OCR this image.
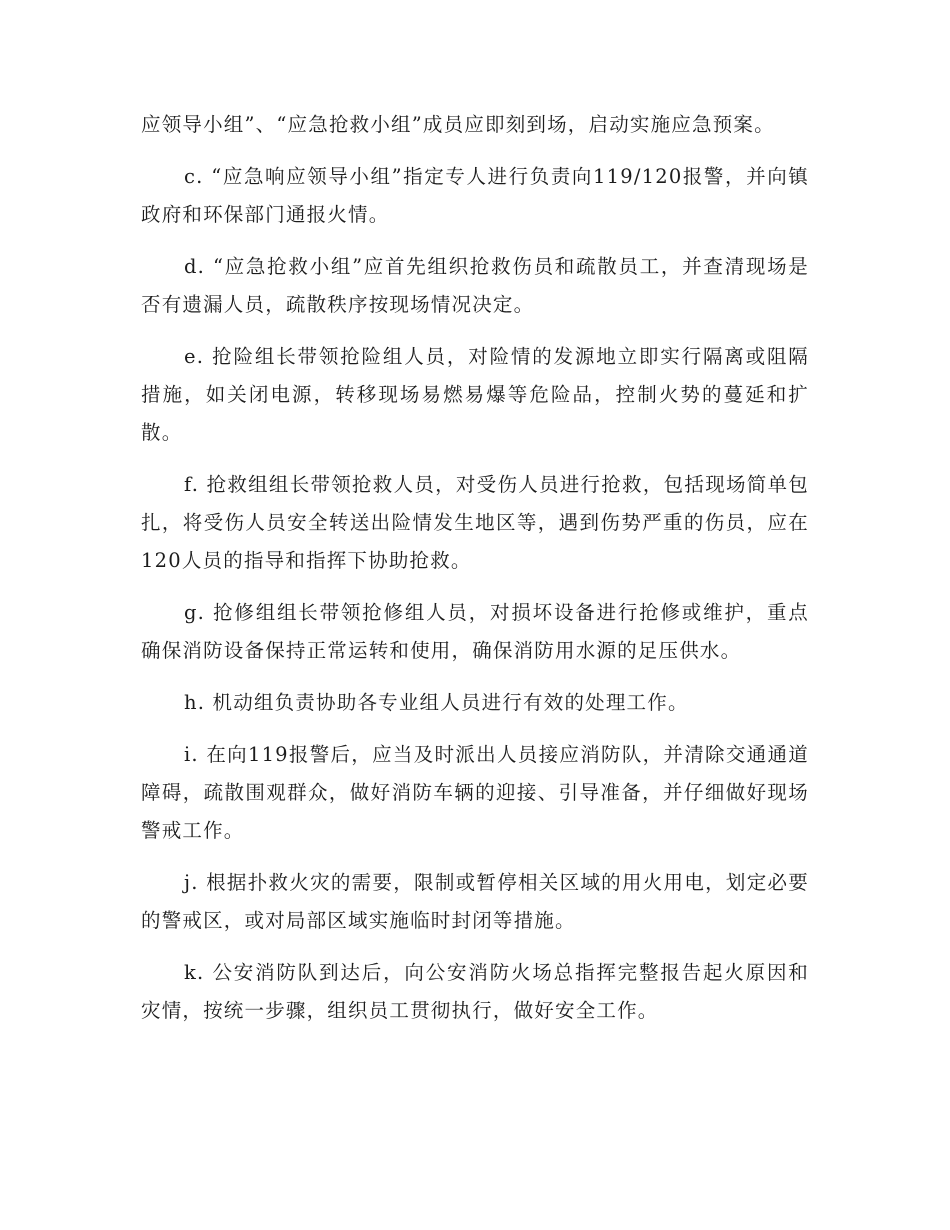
应领导小组”、“应急抢救小组”成员应即刻到场，启动实施应急预案。

c. “应急响应领导小组”指定专人进行负责向119/120报警，并向镇政府和环保部门通报火情。

d. “应急抢救小组”应首先组织抢救伤员和疏散员工，并查清现场是否有遗漏人员，疏散秩序按现场情况决定。

e. 抢险组长带领抢险组人员，对险情的发源地立即实行隔离或阻隔措施，如关闭电源，转移现场易燃易爆等危险品，控制火势的蔓延和扩散。

f. 抢救组组长带领抢救人员，对受伤人员进行抢救，包括现场简单包扎，将受伤人员安全转送出险情发生地区等，遇到伤势严重的伤员，应在120人员的指导和指挥下协助抢救。

g. 抢修组组长带领抢修组人员，对损坏设备进行抢修或维护，重点确保消防设备保持正常运转和使用，确保消防用水源的足压供水。

h. 机动组负责协助各专业组人员进行有效的处理工作。

i. 在向119报警后，应当及时派出人员接应消防队，并清除交通通道障碍，疏散围观群众，做好消防车辆的迎接、引导准备，并仔细做好现场警戒工作。

j. 根据扑救火灾的需要，限制或暂停相关区域的用火用电，划定必要的警戒区，或对局部区域实施临时封闭等措施。

k. 公安消防队到达后，向公安消防火场总指挥完整报告起火原因和灾情，按统一步骤，组织员工贯彻执行，做好安全工作。
